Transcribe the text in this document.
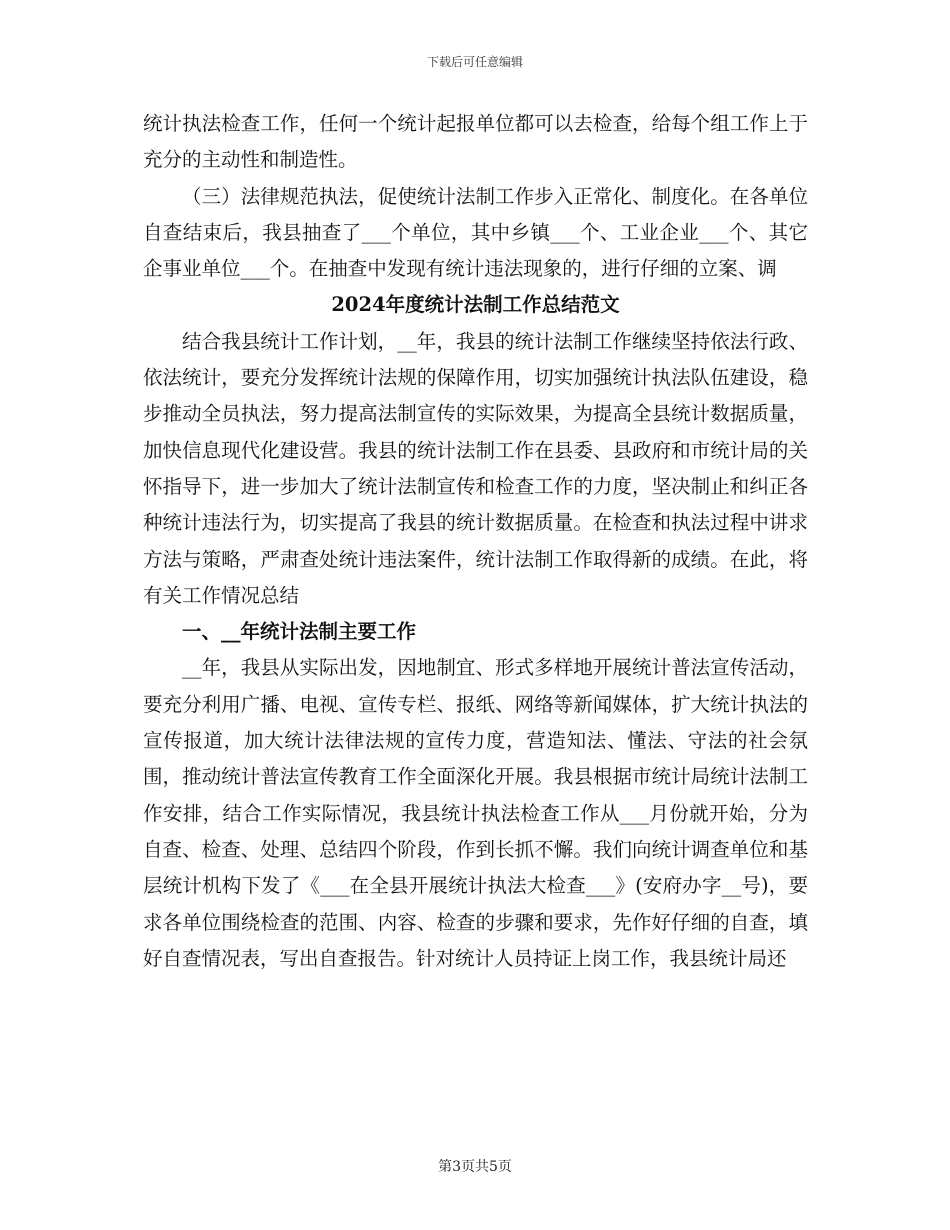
下载后可任意编辑

统计执法检查工作，任何一个统计起报单位都可以去检查，给每个组工作上于充分的主动性和制造性。

（三）法律规范执法，促使统计法制工作步入正常化、制度化。在各单位自查结束后，我县抽查了___个单位，其中乡镇___个、工业企业___个、其它企事业单位___个。在抽查中发现有统计违法现象的，进行仔细的立案、调

2024年度统计法制工作总结范文

结合我县统计工作计划，__年，我县的统计法制工作继续坚持依法行政、依法统计，要充分发挥统计法规的保障作用，切实加强统计执法队伍建设，稳步推动全员执法，努力提高法制宣传的实际效果，为提高全县统计数据质量，加快信息现代化建设营。我县的统计法制工作在县委、县政府和市统计局的关怀指导下，进一步加大了统计法制宣传和检查工作的力度，坚决制止和纠正各种统计违法行为，切实提高了我县的统计数据质量。在检查和执法过程中讲求方法与策略，严肃查处统计违法案件，统计法制工作取得新的成绩。在此，将有关工作情况总结

一、__年统计法制主要工作

__年，我县从实际出发，因地制宜、形式多样地开展统计普法宣传活动，要充分利用广播、电视、宣传专栏、报纸、网络等新闻媒体，扩大统计执法的宣传报道，加大统计法律法规的宣传力度，营造知法、懂法、守法的社会氛围，推动统计普法宣传教育工作全面深化开展。我县根据市统计局统计法制工作安排，结合工作实际情况，我县统计执法检查工作从___月份就开始，分为自查、检查、处理、总结四个阶段，作到长抓不懈。我们向统计调查单位和基层统计机构下发了《___在全县开展统计执法大检查___》(安府办字__号)，要求各单位围绕检查的范围、内容、检查的步骤和要求，先作好仔细的自查，填好自查情况表，写出自查报告。针对统计人员持证上岗工作，我县统计局还

第3页共5页
